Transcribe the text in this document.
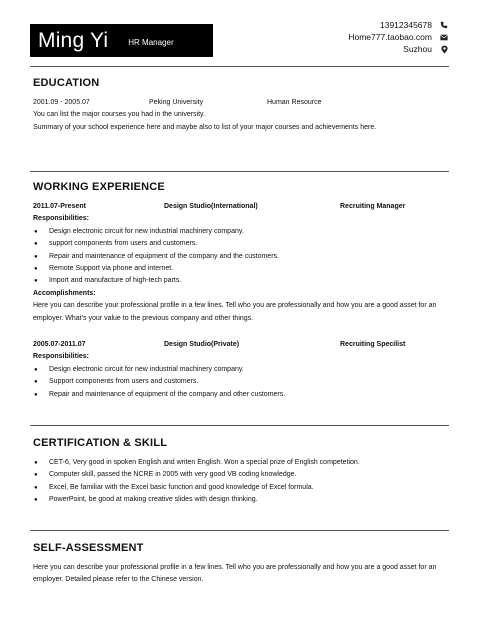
Ming Yi	HR Manager
13912345678
Home777.taobao.com
Suzhou
EDUCATION
2001.09 - 2005.07	Peking University	Human Resource
You can list the major courses you had in the university.
Summary of your school experience here and maybe also to list of your major courses and achievements here.
WORKING EXPERIENCE
2011.07-Present	Design Studio(International)	Recruiting Manager
Responsibilities:
● Design electronic circuit for new industrial machinery company.
● support components from users and customers.
● Repair and maintenance of equipment of the company and the customers.
● Remote Support via phone and internet.
● Import and manufacture of high-tech parts.
Accomplishments:
Here you can describe your professional profile in a few lines. Tell who you are professionally and how you are a good asset for an employer. What’s your value to the previous company and other things.
2005.07-2011.07	Design Studio(Private)	Recruiting Specilist
Responsibilities:
● Design electronic circuit for new industrial machinery company.
● Support components from users and customers.
● Repair and maintenance of equipment of the company and other customers.
CERTIFICATION & SKILL
● CET-6, Very good in spoken English and writen English. Won a special prize of English competetion.
● Computer skill, passed the NCRE in 2005 with very good VB coding knowledge.
● Excel, Be familiar with the Excel basic function and good knowledge of Excel formula.
● PowerPoint, be good at making creative slides with design thinking.
SELF-ASSESSMENT
Here you can describe your professional profile in a few lines. Tell who you are professionally and how you are a good asset for an employer. Detailed please refer to the Chinese version.
